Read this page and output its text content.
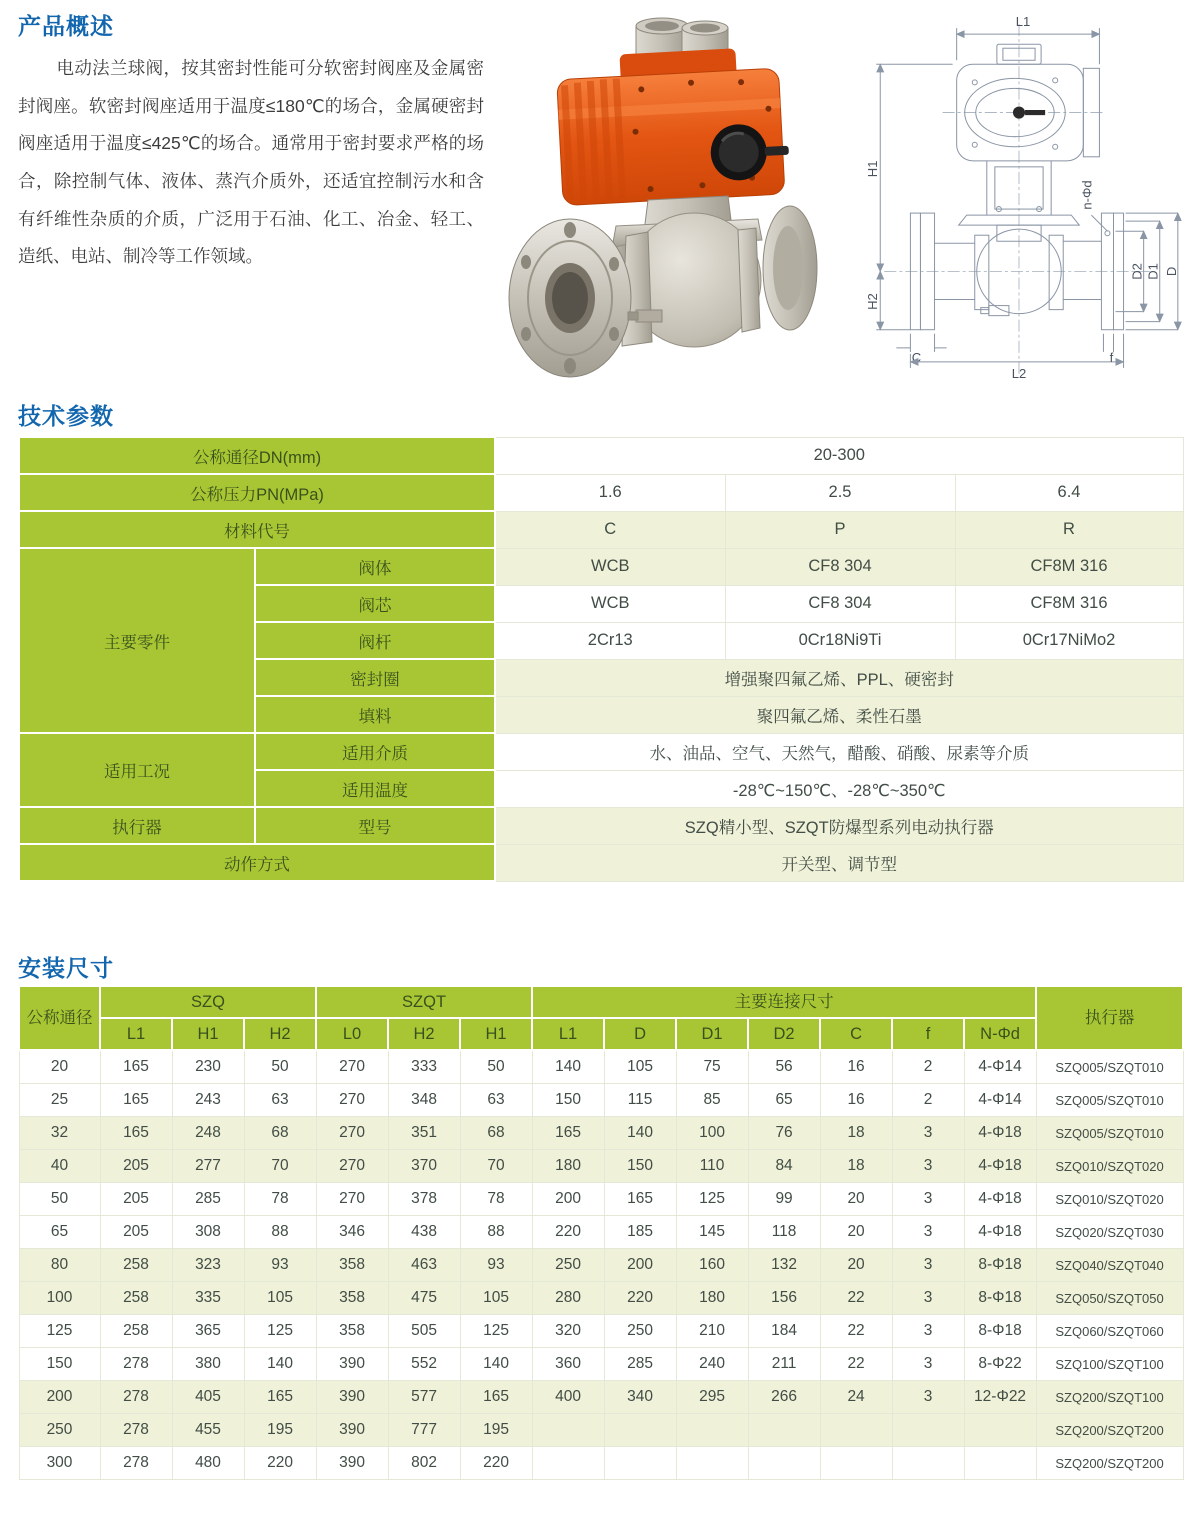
产品概述

电动法兰球阀，按其密封性能可分软密封阀座及金属密封阀座。软密封阀座适用于温度≤180℃的场合，金属硬密封阀座适用于温度≤425℃的场合。通常用于密封要求严格的场合，除控制气体、液体、蒸汽介质外，还适宜控制污水和含有纤维性杂质的介质，广泛用于石油、化工、冶金、轻工、造纸、电站、制冷等工作领域。

L1
H1
H2
n-Φd
D2 D1 D
C
L2
f
技术参数
公称通径DN(mm)		20-300		
公称压力PN(MPa)		1.6	2.5	6.4
材料代号		C	P	R
主要零件	阀体	WCB	CF8 304	CF8M 316
	阀芯	WCB	CF8 304	CF8M 316
	阀杆	2Cr13	0Cr18Ni9Ti	0Cr17NiMo2
	密封圈	增强聚四氟乙烯、PPL、硬密封		
	填料	聚四氟乙烯、柔性石墨		
适用工况	适用介质	水、油品、空气、天然气，醋酸、硝酸、尿素等介质		
	适用温度	-28℃~150℃、-28℃~350℃		
执行器	型号	SZQ精小型、SZQT防爆型系列电动执行器		
动作方式		开关型、调节型		
安装尺寸
公称通径	SZQ			SZQT			主要连接尺寸							执行器
	L1	H1	H2	L0	H2	H1	L1	D	D1	D2	C	f	N-Φd	
20	165	230	50	270	333	50	140	105	75	56	16	2	4-Φ14	SZQ005/SZQT010
25	165	243	63	270	348	63	150	115	85	65	16	2	4-Φ14	SZQ005/SZQT010
32	165	248	68	270	351	68	165	140	100	76	18	3	4-Φ18	SZQ005/SZQT010
40	205	277	70	270	370	70	180	150	110	84	18	3	4-Φ18	SZQ010/SZQT020
50	205	285	78	270	378	78	200	165	125	99	20	3	4-Φ18	SZQ010/SZQT020
65	205	308	88	346	438	88	220	185	145	118	20	3	4-Φ18	SZQ020/SZQT030
80	258	323	93	358	463	93	250	200	160	132	20	3	8-Φ18	SZQ040/SZQT040
100	258	335	105	358	475	105	280	220	180	156	22	3	8-Φ18	SZQ050/SZQT050
125	258	365	125	358	505	125	320	250	210	184	22	3	8-Φ18	SZQ060/SZQT060
150	278	380	140	390	552	140	360	285	240	211	22	3	8-Φ22	SZQ100/SZQT100
200	278	405	165	390	577	165	400	340	295	266	24	3	12-Φ22	SZQ200/SZQT100
250	278	455	195	390	777	195								SZQ200/SZQT200
300	278	480	220	390	802	220								SZQ200/SZQT200
